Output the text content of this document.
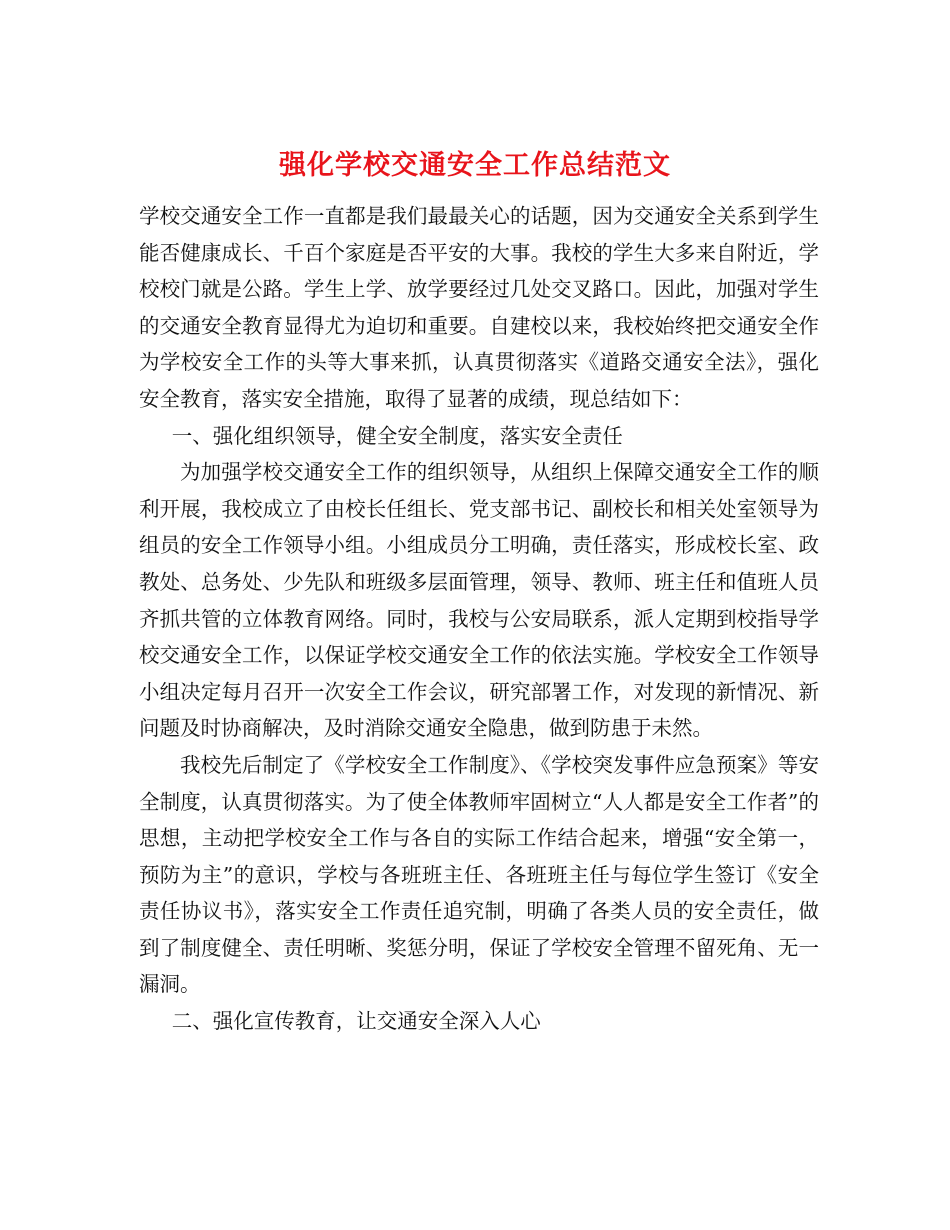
强化学校交通安全工作总结范文

学校交通安全工作一直都是我们最最关心的话题，因为交通安全关系到学生能否健康成长、千百个家庭是否平安的大事。我校的学生大多来自附近，学校校门就是公路。学生上学、放学要经过几处交叉路口。因此，加强对学生的交通安全教育显得尤为迫切和重要。自建校以来，我校始终把交通安全作为学校安全工作的头等大事来抓，认真贯彻落实《道路交通安全法》，强化安全教育，落实安全措施，取得了显著的成绩，现总结如下：

一、强化组织领导，健全安全制度，落实安全责任

为加强学校交通安全工作的组织领导，从组织上保障交通安全工作的顺利开展，我校成立了由校长任组长、党支部书记、副校长和相关处室领导为组员的安全工作领导小组。小组成员分工明确，责任落实，形成校长室、政教处、总务处、少先队和班级多层面管理，领导、教师、班主任和值班人员齐抓共管的立体教育网络。同时，我校与公安局联系，派人定期到校指导学校交通安全工作，以保证学校交通安全工作的依法实施。学校安全工作领导小组决定每月召开一次安全工作会议，研究部署工作，对发现的新情况、新问题及时协商解决，及时消除交通安全隐患，做到防患于未然。

我校先后制定了《学校安全工作制度》、《学校突发事件应急预案》等安全制度，认真贯彻落实。为了使全体教师牢固树立“人人都是安全工作者”的思想，主动把学校安全工作与各自的实际工作结合起来，增强“安全第一，预防为主”的意识，学校与各班班主任、各班班主任与每位学生签订《安全责任协议书》，落实安全工作责任追究制，明确了各类人员的安全责任，做到了制度健全、责任明晰、奖惩分明，保证了学校安全管理不留死角、无一漏洞。

二、强化宣传教育，让交通安全深入人心
